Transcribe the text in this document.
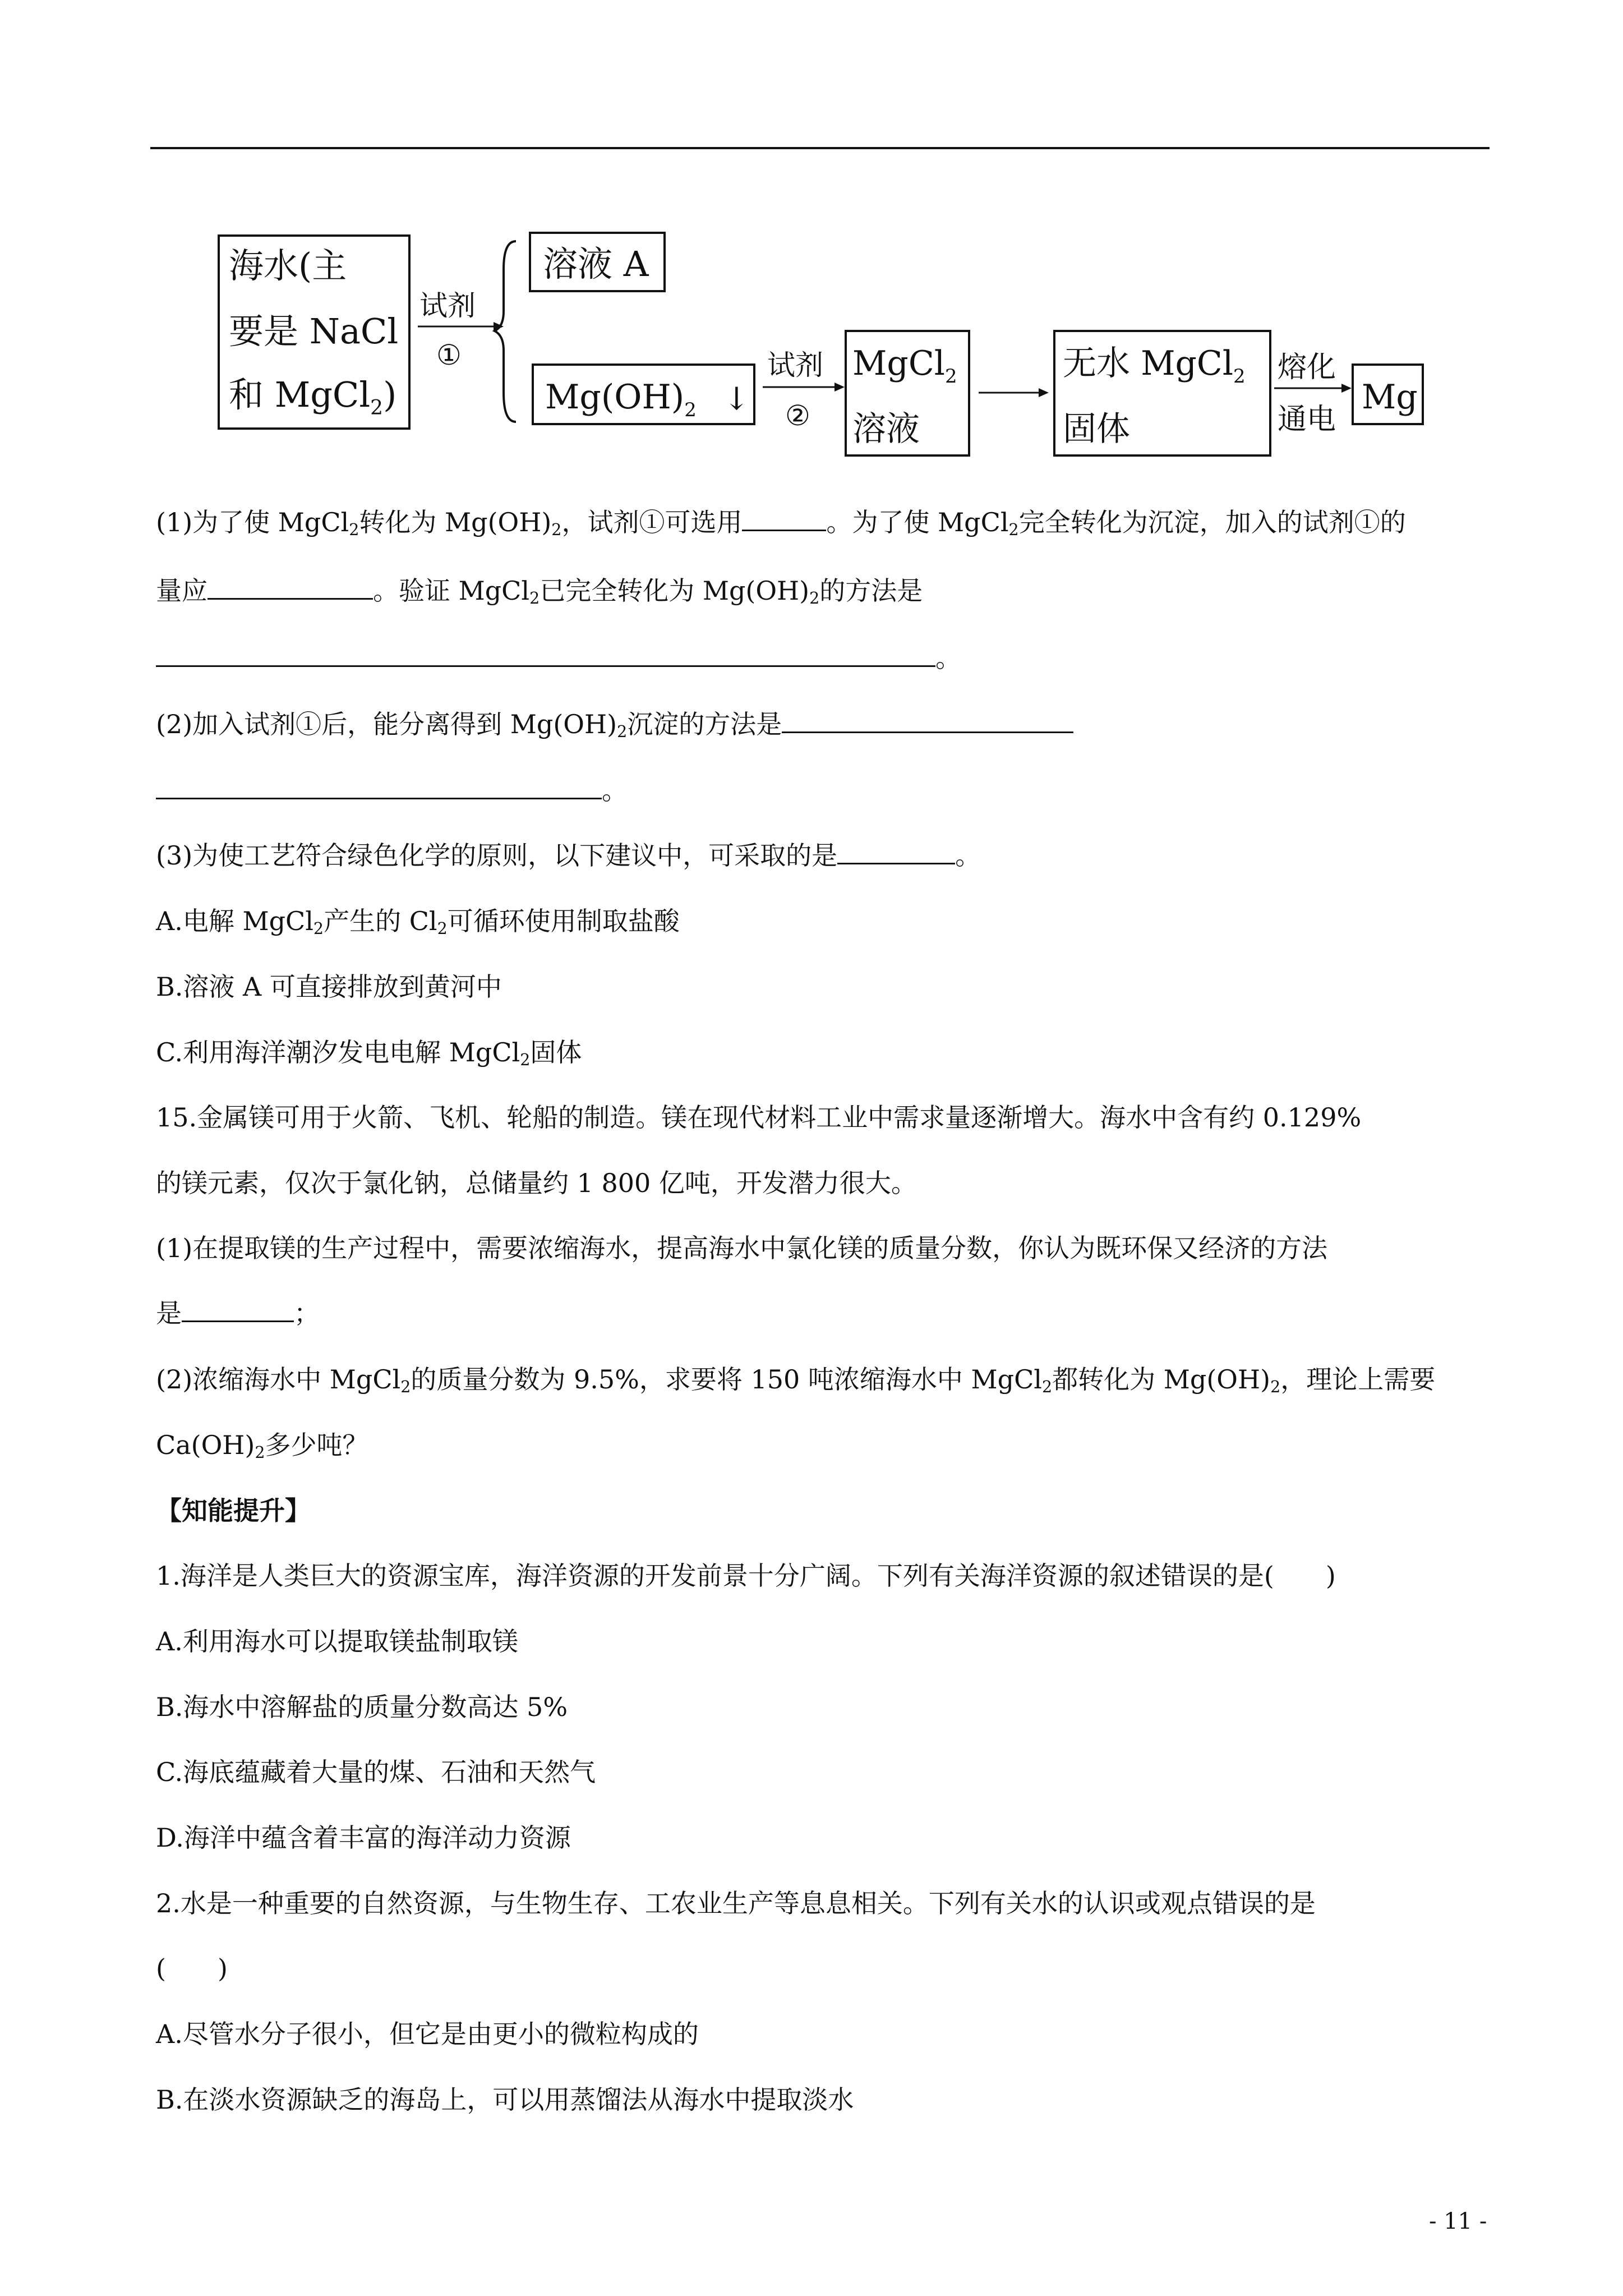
海水(主
要是 NaCl
和 MgCl$_2$)
试剂
①
溶液 A
$Mg(OH)_2$ ↓
试剂
②
MgCl$_2$
溶液
无水 MgCl$_2$
固体
熔化
通电
Mg
(1)为了使 MgCl$_2$转化为 $Mg(OH)_2$，试剂①可选用	。为了使 MgCl$_2$完全转化为沉淀，加入的试剂①的
量应	。验证 MgCl$_2$已完全转化为 $Mg(OH)_2$的方法是
。
(2)加入试剂①后，能分离得到 $Mg(OH)_2$沉淀的方法是
。
(3)为使工艺符合绿色化学的原则，以下建议中，可采取的是	。
A.电解 MgCl$_2$产生的 $Cl_2$可循环使用制取盐酸
B.溶液 A 可直接排放到黄河中
C.利用海洋潮汐发电电解 MgCl$_2$固体
15.金属镁可用于火箭、飞机、轮船的制造。镁在现代材料工业中需求量逐渐增大。海水中含有约 0.129%
的镁元素，仅次于氯化钠，总储量约 1 800 亿吨，开发潜力很大。
(1)在提取镁的生产过程中，需要浓缩海水，提高海水中氯化镁的质量分数，你认为既环保又经济的方法
是	；
(2)浓缩海水中 MgCl$_2$的质量分数为 9.5%，求要将 150 吨浓缩海水中 MgCl$_2$都转化为 $Mg(OH)_2$，理论上需要
$Ca(OH)_2$多少吨？
【知能提升】
1.海洋是人类巨大的资源宝库，海洋资源的开发前景十分广阔。下列有关海洋资源的叙述错误的是(　　)
A.利用海水可以提取镁盐制取镁
B.海水中溶解盐的质量分数高达 5%
C.海底蕴藏着大量的煤、石油和天然气
D.海洋中蕴含着丰富的海洋动力资源
2.水是一种重要的自然资源，与生物生存、工农业生产等息息相关。下列有关水的认识或观点错误的是
(　　)
A.尽管水分子很小，但它是由更小的微粒构成的
B.在淡水资源缺乏的海岛上，可以用蒸馏法从海水中提取淡水
- 11 -
